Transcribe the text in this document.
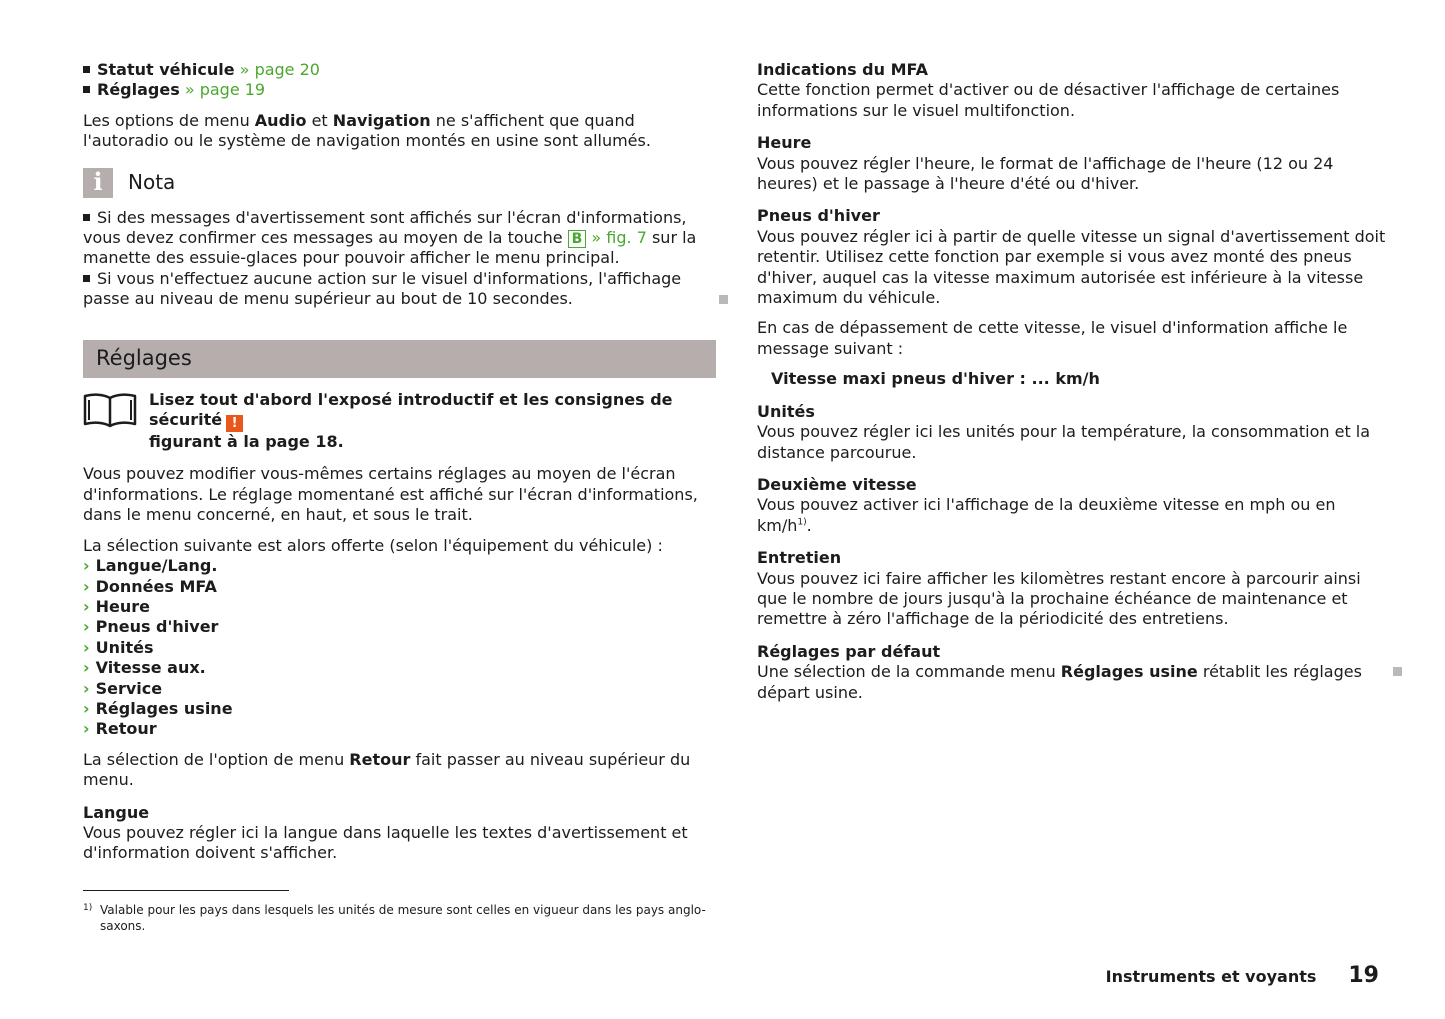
Statut véhicule » page 20
Réglages » page 19

Les options de menu Audio et Navigation ne s'affichent que quand l'autoradio ou le système de navigation montés en usine sont allumés.

i	Nota

Si des messages d'avertissement sont affichés sur l'écran d'informations, vous devez confirmer ces messages au moyen de la touche B » fig. 7 sur la manette des essuie-glaces pour pouvoir afficher le menu principal.

Si vous n'effectuez aucune action sur le visuel d'informations, l'affichage passe au niveau de menu supérieur au bout de 10 secondes.

Réglages
Lisez tout d'abord l'exposé introductif et les consignes de sécurité !
figurant à la page 18.

Vous pouvez modifier vous-mêmes certains réglages au moyen de l'écran d'informations. Le réglage momentané est affiché sur l'écran d'informations, dans le menu concerné, en haut, et sous le trait.

La sélection suivante est alors offerte (selon l'équipement du véhicule) :

› Langue/Lang.
› Données MFA
› Heure
› Pneus d'hiver
› Unités
› Vitesse aux.
› Service
› Réglages usine
› Retour

La sélection de l'option de menu Retour fait passer au niveau supérieur du menu.

Langue

Vous pouvez régler ici la langue dans laquelle les textes d'avertissement et d'information doivent s'afficher.

Indications du MFA

Cette fonction permet d'activer ou de désactiver l'affichage de certaines informations sur le visuel multifonction.

Heure

Vous pouvez régler l'heure, le format de l'affichage de l'heure (12 ou 24 heures) et le passage à l'heure d'été ou d'hiver.

Pneus d'hiver

Vous pouvez régler ici à partir de quelle vitesse un signal d'avertissement doit retentir. Utilisez cette fonction par exemple si vous avez monté des pneus d'hiver, auquel cas la vitesse maximum autorisée est inférieure à la vitesse maximum du véhicule.

En cas de dépassement de cette vitesse, le visuel d'information affiche le message suivant :

Vitesse maxi pneus d'hiver : ... km/h

Unités

Vous pouvez régler ici les unités pour la température, la consommation et la distance parcourue.

Deuxième vitesse

Vous pouvez activer ici l'affichage de la deuxième vitesse en mph ou en $km/h^{1)}$.

Entretien

Vous pouvez ici faire afficher les kilomètres restant encore à parcourir ainsi que le nombre de jours jusqu'à la prochaine échéance de maintenance et remettre à zéro l'affichage de la périodicité des entretiens.

Réglages par défaut

Une sélection de la commande menu Réglages usine rétablit les réglages départ usine.

1) Valable pour les pays dans lesquels les unités de mesure sont celles en vigueur dans les pays anglo-saxons.
Instruments et voyants 19
